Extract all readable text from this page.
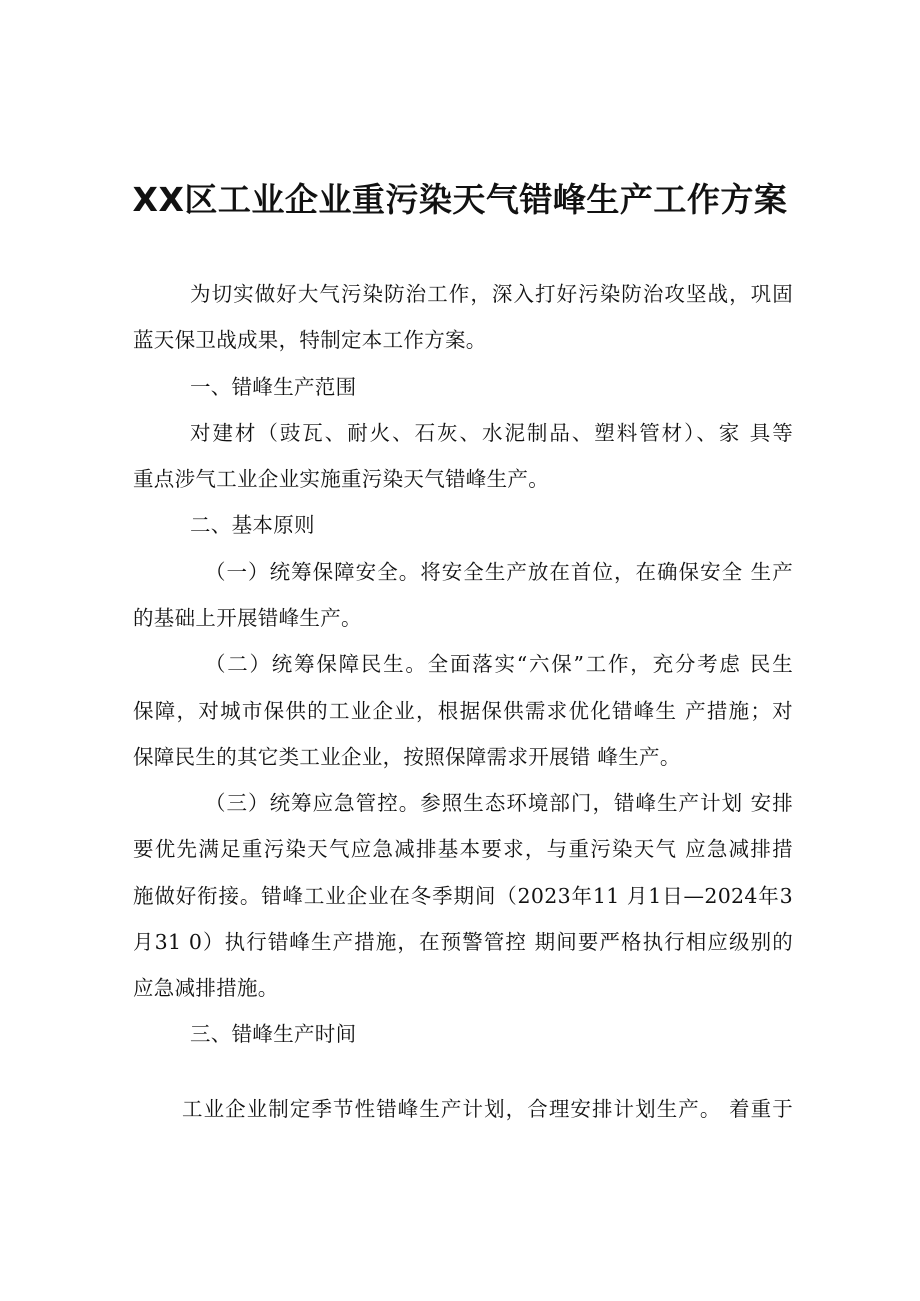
XX区工业企业重污染天气错峰生产工作方案
为切实做好大气污染防治工作，深入打好污染防治攻坚战，巩固
蓝天保卫战成果，特制定本工作方案。
一、错峰生产范围
对建材（豉瓦、耐火、石灰、水泥制品、塑料管材）、家 具等
重点涉气工业企业实施重污染天气错峰生产。
二、基本原则
（一）统筹保障安全。将安全生产放在首位，在确保安全 生产
的基础上开展错峰生产。
（二）统筹保障民生。全面落实“六保”工作，充分考虑 民生
保障，对城市保供的工业企业，根据保供需求优化错峰生 产措施；对
保障民生的其它类工业企业，按照保障需求开展错 峰生产。
（三）统筹应急管控。参照生态环境部门，错峰生产计划 安排
要优先满足重污染天气应急减排基本要求，与重污染天气 应急减排措
施做好衔接。错峰工业企业在冬季期间（2023年11 月1日—2024年3
月31 0）执行错峰生产措施，在预警管控 期间要严格执行相应级别的
应急减排措施。
三、错峰生产时间
工业企业制定季节性错峰生产计划，合理安排计划生产。 着重于
